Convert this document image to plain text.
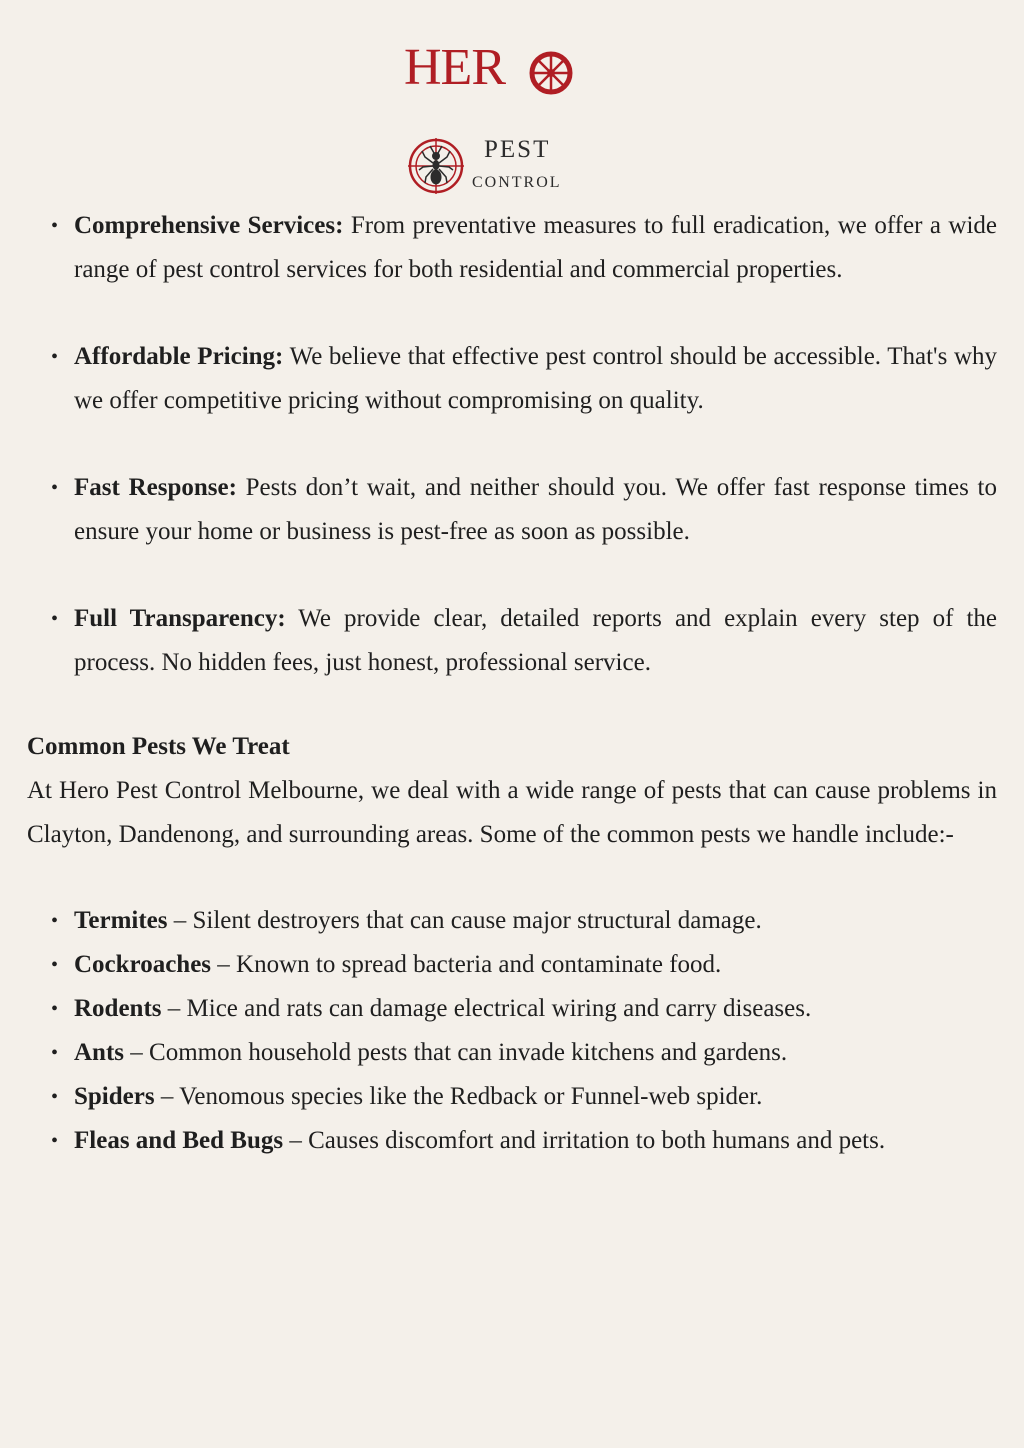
HER
PEST
CONTROL
• Comprehensive Services: From preventative measures to full eradication, we offer a wide range of pest control services for both residential and commercial properties.
• Affordable Pricing: We believe that effective pest control should be accessible. That's why we offer competitive pricing without compromising on quality.
• Fast Response: Pests don’t wait, and neither should you. We offer fast response times to ensure your home or business is pest-free as soon as possible.
• Full Transparency: We provide clear, detailed reports and explain every step of the process. No hidden fees, just honest, professional service.
Common Pests We Treat
At Hero Pest Control Melbourne, we deal with a wide range of pests that can cause problems in Clayton, Dandenong, and surrounding areas. Some of the common pests we handle include:-
• Termites – Silent destroyers that can cause major structural damage.
• Cockroaches – Known to spread bacteria and contaminate food.
• Rodents – Mice and rats can damage electrical wiring and carry diseases.
• Ants – Common household pests that can invade kitchens and gardens.
• Spiders – Venomous species like the Redback or Funnel-web spider.
• Fleas and Bed Bugs – Causes discomfort and irritation to both humans and pets.
